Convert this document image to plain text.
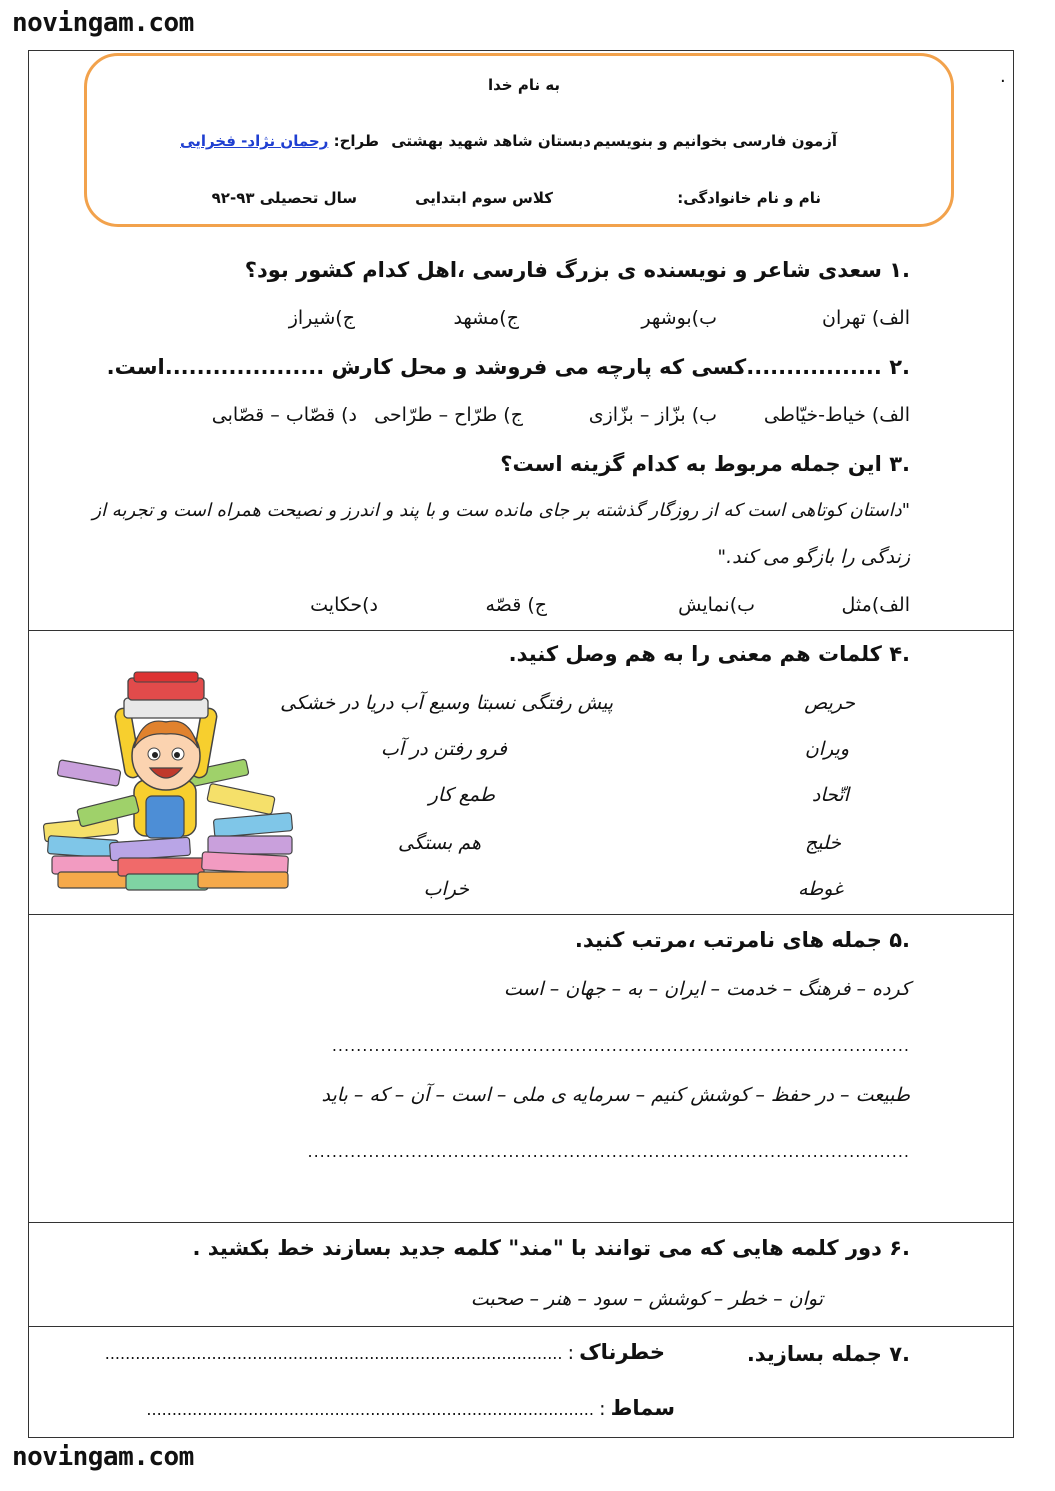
novingam.com
.
به نام خدا
آزمون فارسی بخوانیم و بنویسیم
دبستان شاهد شهید بهشتی
طراح: رحمان نژاد- فخرایی
نام و نام خانوادگی:
کلاس سوم ابتدایی
سال تحصیلی ۹۳-۹۲
.۱ سعدی شاعر و نویسنده ی بزرگ فارسی ،اهل کدام کشور بود؟
الف) تهران
ب)بوشهر
ج)مشهد
ج)شیراز
.۲ .................کسی که پارچه می فروشد و محل کارش ....................است.
الف) خیاط-خیّاطی
ب) بزّاز – بزّازی
ج) طرّاح – طرّاحی
د) قصّاب – قصّابی
.۳ این جمله مربوط به کدام گزینه است؟
"داستان کوتاهی است که از روزگار گذشته بر جای مانده ست و با پند و اندرز و نصیحت همراه است و تجربه از
زندگی را بازگو می کند."
الف)مثل
ب)نمایش
ج) قصّه
د)حکایت
.۴ کلمات هم معنی را به هم وصل کنید.
حریص
ویران
اتّحاد
خلیج
غوطه
پیش رفتگی نسبتا وسیع آب دریا در خشکی
فرو رفتن در آب
طمع کار
هم بستگی
خراب
.۵ جمله های نامرتب ،مرتب کنید.
کرده – فرهنگ – خدمت – ایران – به – جهان – است
...............................................................................................
طبیعت – در حفظ – کوشش کنیم – سرمایه ی ملی – است – آن – که – باید
...................................................................................................
.۶ دور کلمه هایی که می توانند با "مند" کلمه جدید بسازند خط بکشید .
توان – خطر – کوشش – سود – هنر – صحبت
.۷ جمله بسازید.
خطرناک : ..........................................................................................
سماط : ........................................................................................
novingam.com
